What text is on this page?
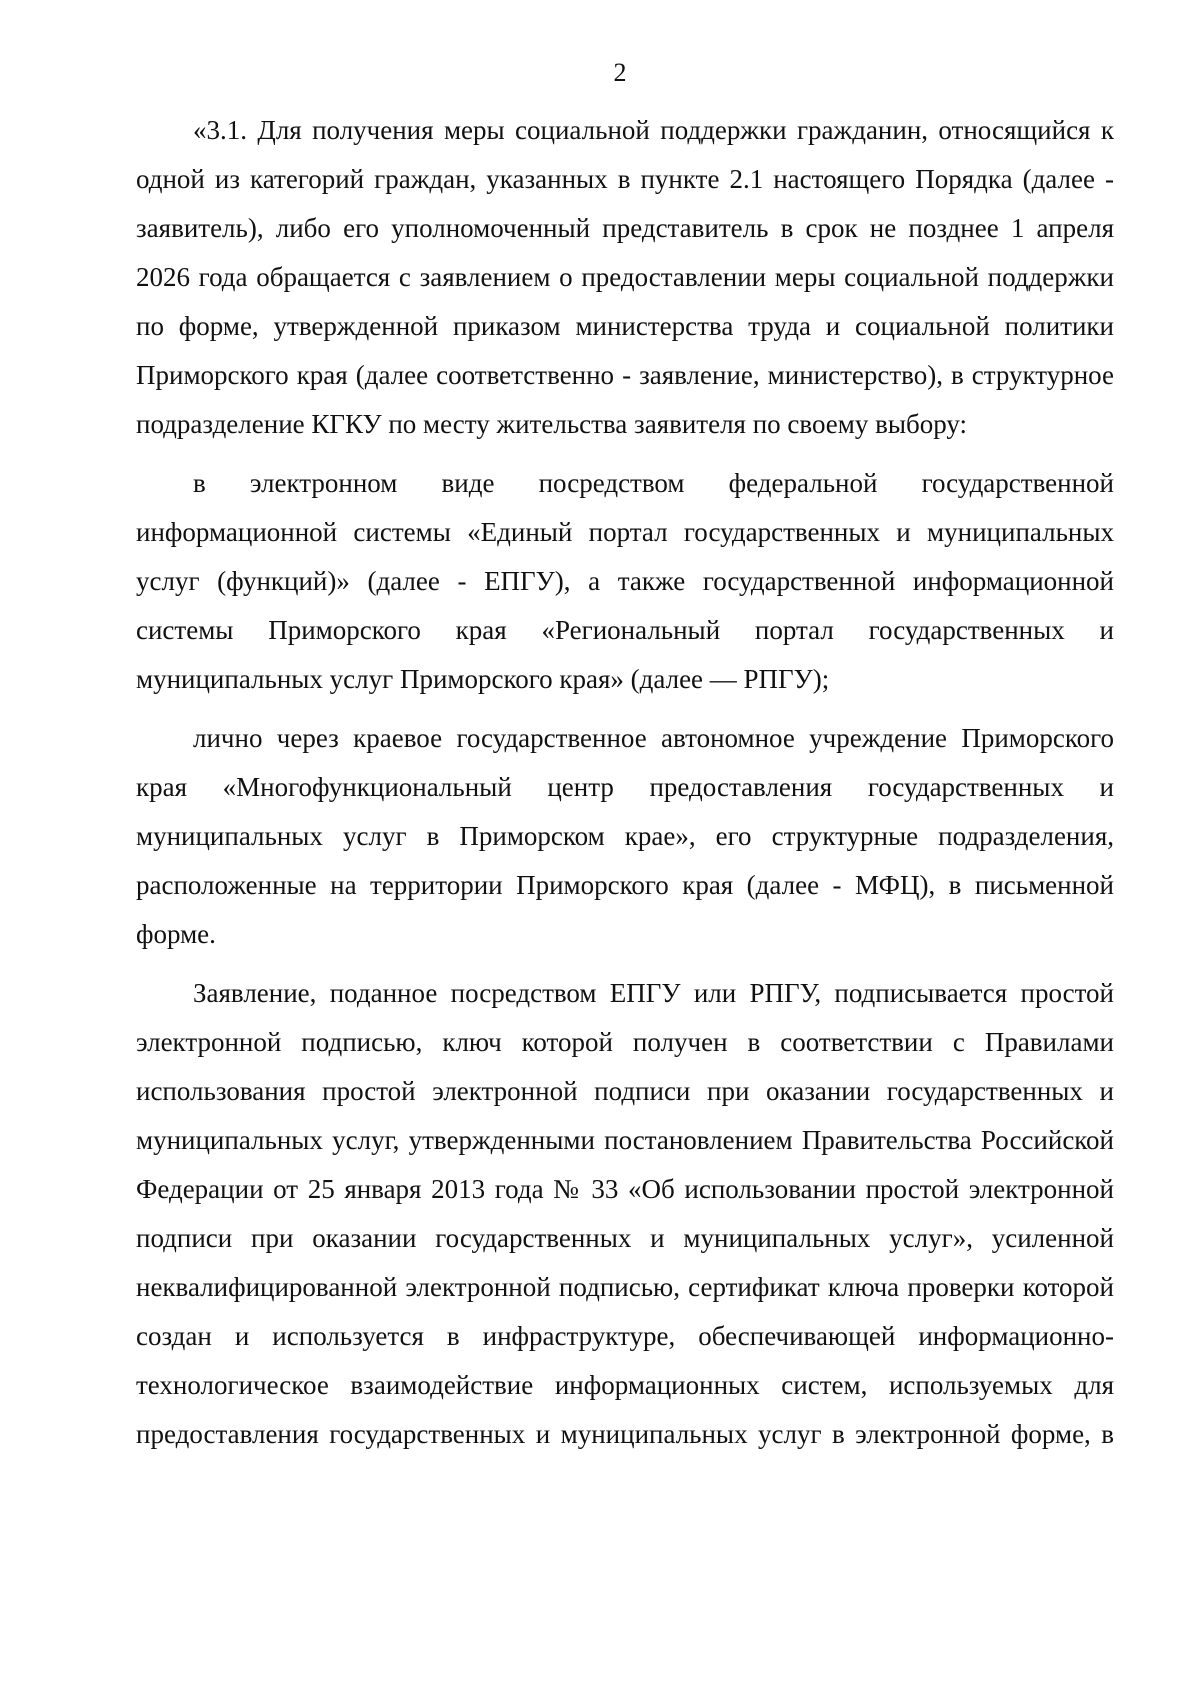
2

«3.1. Для получения меры социальной поддержки гражданин, относящийся к одной из категорий граждан, указанных в пункте 2.1 настоящего Порядка (далее - заявитель), либо его уполномоченный представитель в срок не позднее 1 апреля 2026 года обращается с заявлением о предоставлении меры социальной поддержки по форме, утвержденной приказом министерства труда и социальной политики Приморского края (далее соответственно - заявление, министерство), в структурное подразделение КГКУ по месту жительства заявителя по своему выбору:

в электронном виде посредством федеральной государственной информационной системы «Единый портал государственных и муниципальных услуг (функций)» (далее - ЕПГУ), а также государственной информационной системы Приморского края «Региональный портал государственных и муниципальных услуг Приморского края» (далее — РПГУ);

лично через краевое государственное автономное учреждение Приморского края «Многофункциональный центр предоставления государственных и муниципальных услуг в Приморском крае», его структурные подразделения, расположенные на территории Приморского края (далее - МФЦ), в письменной форме.

Заявление, поданное посредством ЕПГУ или РПГУ, подписывается простой электронной подписью, ключ которой получен в соответствии с Правилами использования простой электронной подписи при оказании государственных и муниципальных услуг, утвержденными постановлением Правительства Российской Федерации от 25 января 2013 года № 33 «Об использовании простой электронной подписи при оказании государственных и муниципальных услуг», усиленной неквалифицированной электронной подписью, сертификат ключа проверки которой создан и используется в инфраструктуре, обеспечивающей информационно-технологическое взаимодействие информационных систем, используемых для предоставления государственных и муниципальных услуг в электронной форме, в
